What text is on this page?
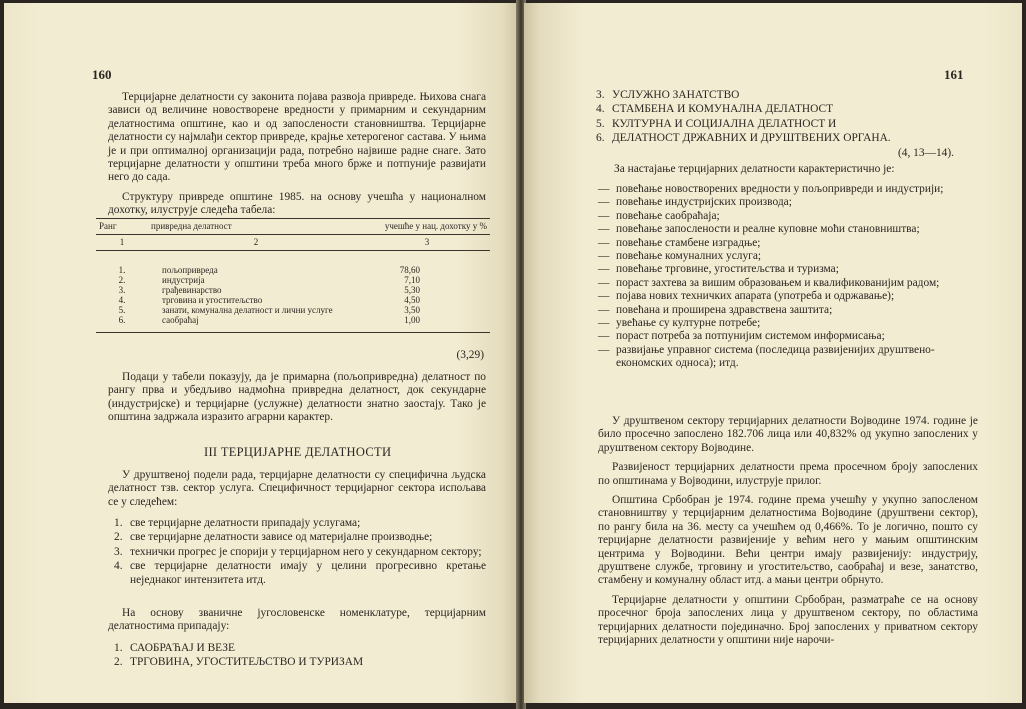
160

Терцијарне делатности су законита појава развоја привреде. Њихова снага зависи од величине новостворене вредности у примарним и секундарним делатностима општине, као и од запослености становништва. Терцијарне делатности су најмлађи сектор привреде, крајње хетерогеног састава. У њима је и при оптималној организацији рада, потребно највише радне снаге. Зато терцијарне делатности у општини треба много брже и потпуније развијати него до сада.

Структуру привреде општине 1985. на основу учешћа у националном дохотку, илуструје следећа табела:

Ранг	привредна делатност	учешће у нац. дохотку у %
1	2	3
1.	пољопривреда	78,60
2.	индустрија	7,10
3.	грађевинарство	5,30
4.	трговина и угоститељство	4,50
5.	занати, комунална делатност и лични услуге	3,50
6.	саобраћај	1,00
(3,29)

Подаци у табели показују, да је примарна (пољопривредна) делатност по рангу прва и убедљиво надмоћна привредна делатност, док секундарне (индустријске) и терцијарне (услужне) делатности знатно заостају. Тако је општина задржала изразито аграрни карактер.

III ТЕРЦИЈАРНЕ ДЕЛАТНОСТИ

У друштвеној подели рада, терцијарне делатности су специфична људска делатност тзв. сектор услуга. Специфичност терцијарног сектора испољава се у следећем:

1. све терцијарне делатности припадају услугама;
2. све терцијарне делатности зависе од материјалне производње;
3. технички прогрес је спорији у терцијарном него у секундарном сектору;
4. све терцијарне делатности имају у целини прогресивно кретање неједнаког интензитета итд.

На основу званичне југословенске номенклатуре, терцијарним делатностима припадају:

1. САОБРАЋАЈ И ВЕЗЕ
2. ТРГОВИНА, УГОСТИТЕЉСТВО И ТУРИЗАМ
161
3. УСЛУЖНО ЗАНАТСТВО
4. СТАМБЕНА И КОМУНАЛНА ДЕЛАТНОСТ
5. КУЛТУРНА И СОЦИЈАЛНА ДЕЛАТНОСТ И
6. ДЕЛАТНОСТ ДРЖАВНИХ И ДРУШТВЕНИХ ОРГАНА.
(4, 13—14).
За настајање терцијарних делатности карактеристично је:
— повећање новостворених вредности у пољопривреди и индустрији;
— повећање индустријских производа;
— повећање саобраћаја;
— повећање запослености и реалне куповне моћи становништва;
— повећање стамбене изградње;
— повећање комуналних услуга;
— повећање трговине, угоститељства и туризма;
— пораст захтева за вишим образовањем и квалификованијим радом;
— појава нових техничких апарата (употреба и одржавање);
— повећана и проширена здравствена заштита;
— увећање су културне потребе;
— пораст потреба за потпунијим системом информисања;
— развијање управног система (последица развијенијих друштвено-економских односа); итд.

У друштвеном сектору терцијарних делатности Војводине 1974. године је било просечно запослено 182.706 лица или 40,832% од укупно запослених у друштвеном сектору Војводине.

Развијеност терцијарних делатности према просечном броју запослених по општинама у Војводини, илуструје прилог.

Општина Србобран је 1974. године према учешћу у укупно запосленом становништву у терцијарним делатностима Војводине (друштвени сектор), по рангу била на 36. месту са учешћем од 0,466%. То је логично, пошто су терцијарне делатности развијеније у већим него у мањим општинским центрима у Војводини. Већи центри имају развијенију: индустрију, друштвене службе, трговину и угоститељство, саобраћај и везе, занатство, стамбену и комуналну област итд. а мањи центри обрнуто.

Терцијарне делатности у општини Србобран, разматраће се на основу просечног броја запослених лица у друштвеном сектору, по областима терцијарних делатности појединачно. Број запослених у приватном сектору терцијарних делатности у општини није нарочи-
